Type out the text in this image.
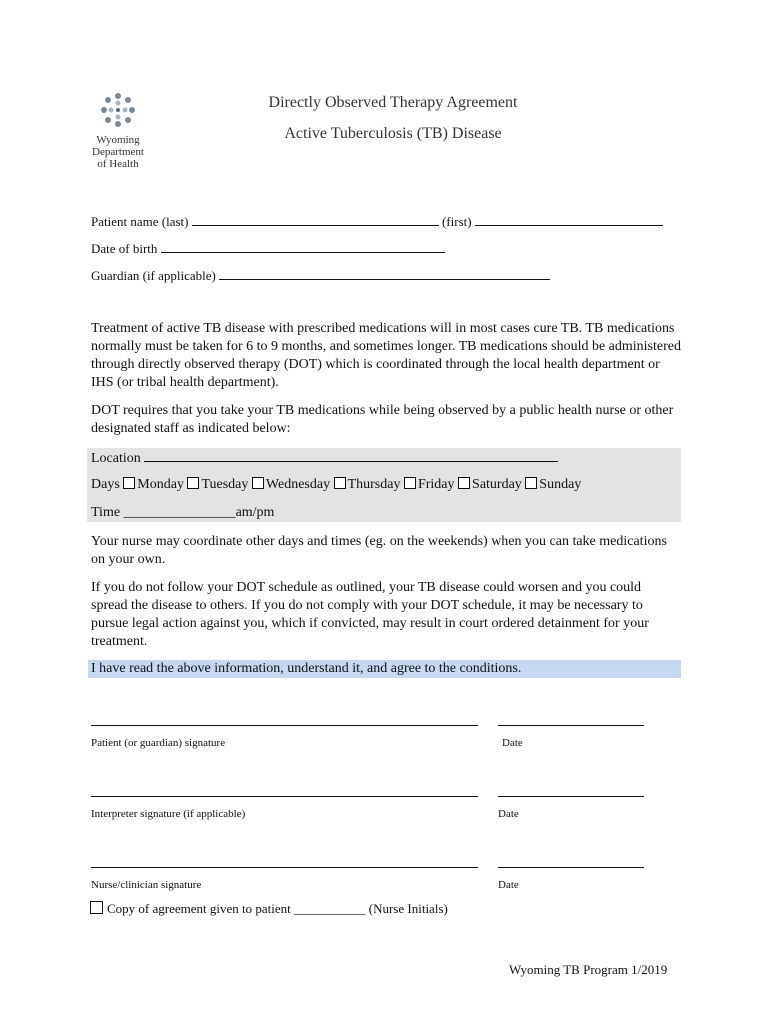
Wyoming
Department
of Health
Directly Observed Therapy Agreement
Active Tuberculosis (TB) Disease
Patient name (last)	(first)
Date of birth
Guardian (if applicable)
Treatment of active TB disease with prescribed medications will in most cases cure TB. TB medications normally must be taken for 6 to 9 months, and sometimes longer. TB medications should be administered through directly observed therapy (DOT) which is coordinated through the local health department or IHS (or tribal health department).
DOT requires that you take your TB medications while being observed by a public health nurse or other designated staff as indicated below:
Location
Days Monday Tuesday Wednesday Thursday Friday Saturday Sunday
Time ________________am/pm
Your nurse may coordinate other days and times (eg. on the weekends) when you can take medications on your own.
If you do not follow your DOT schedule as outlined, your TB disease could worsen and you could spread the disease to others. If you do not comply with your DOT schedule, it may be necessary to pursue legal action against you, which if convicted, may result in court ordered detainment for your treatment.
I have read the above information, understand it, and agree to the conditions.
Patient (or guardian) signature	Date
Interpreter signature (if applicable)	Date
Nurse/clinician signature	Date
Copy of agreement given to patient ___________ (Nurse Initials)
Wyoming TB Program 1/2019
